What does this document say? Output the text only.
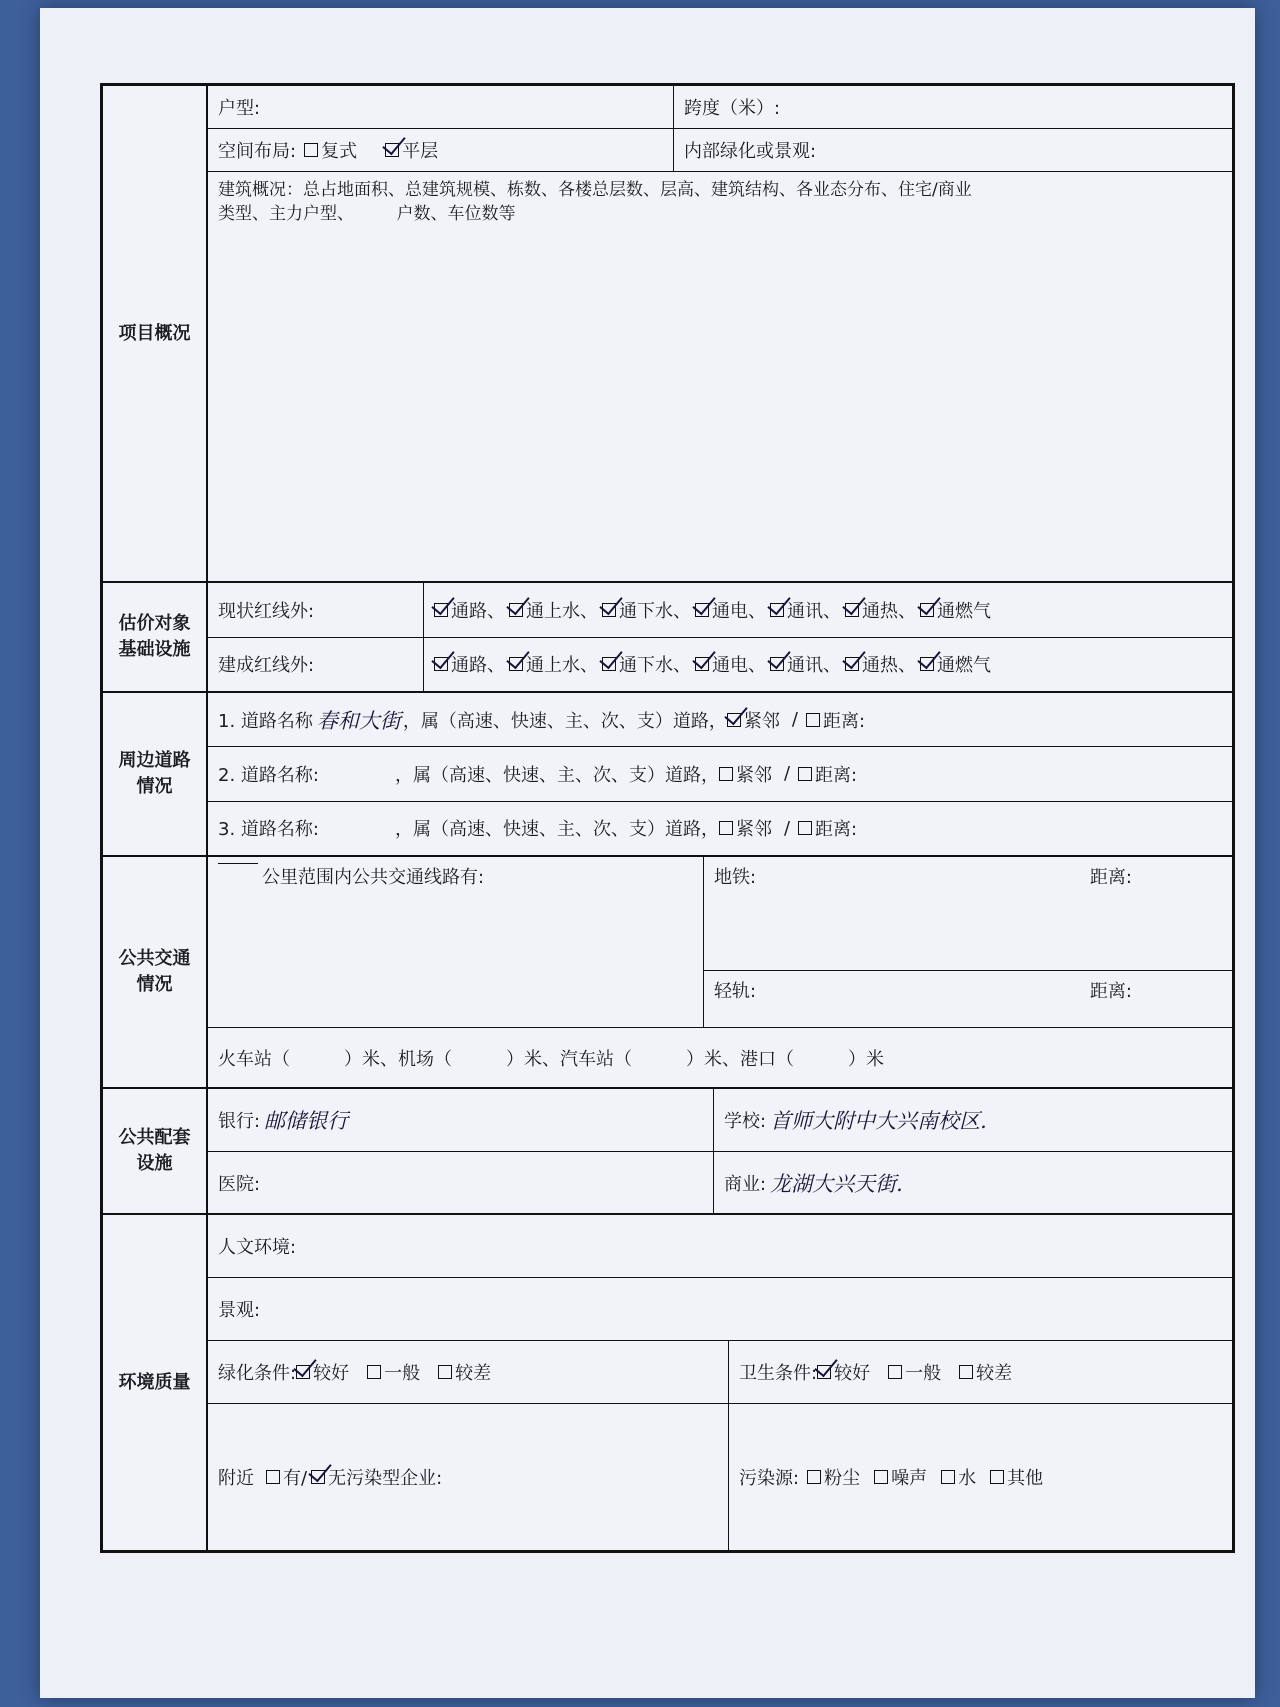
项目概况
户型:	跨度（米）:
空间布局: 复式	平层	内部绿化或景观:
建筑概况：总占地面积、总建筑规模、栋数、各楼总层数、层高、建筑结构、各业态分布、住宅/商业
类型、主力户型、　　　户数、车位数等
估价对象
基础设施
现状红线外:	通路、 通上水、 通下水、 通电、 通讯、 通热、 通燃气
建成红线外:	通路、 通上水、 通下水、 通电、 通讯、 通热、 通燃气
周边道路
情况
1. 道路名称 春和大街 ，属（高速、快速、主、次、支）道路， 紧邻 / 距离:
2. 道路名称:	，属（高速、快速、主、次、支）道路， 紧邻 / 距离:
3. 道路名称:	，属（高速、快速、主、次、支）道路， 紧邻 / 距离:
公共交通
情况
公里范围内公共交通线路有:	地铁:	距离:
轻轨:	距离:
火车站（　　　）米、 机场（　　　）米、 汽车站（　　　）米、 港口（　　　）米
公共配套
设施
银行: 邮储银行	学校: 首师大附中大兴南校区.
医院:	商业: 龙湖大兴天街.
环境质量
人文环境:
景观:
绿化条件: 较好 一般 较差	卫生条件: 较好 一般 较差
附近 有/ 无污染型企业:	污染源: 粉尘 噪声 水 其他
